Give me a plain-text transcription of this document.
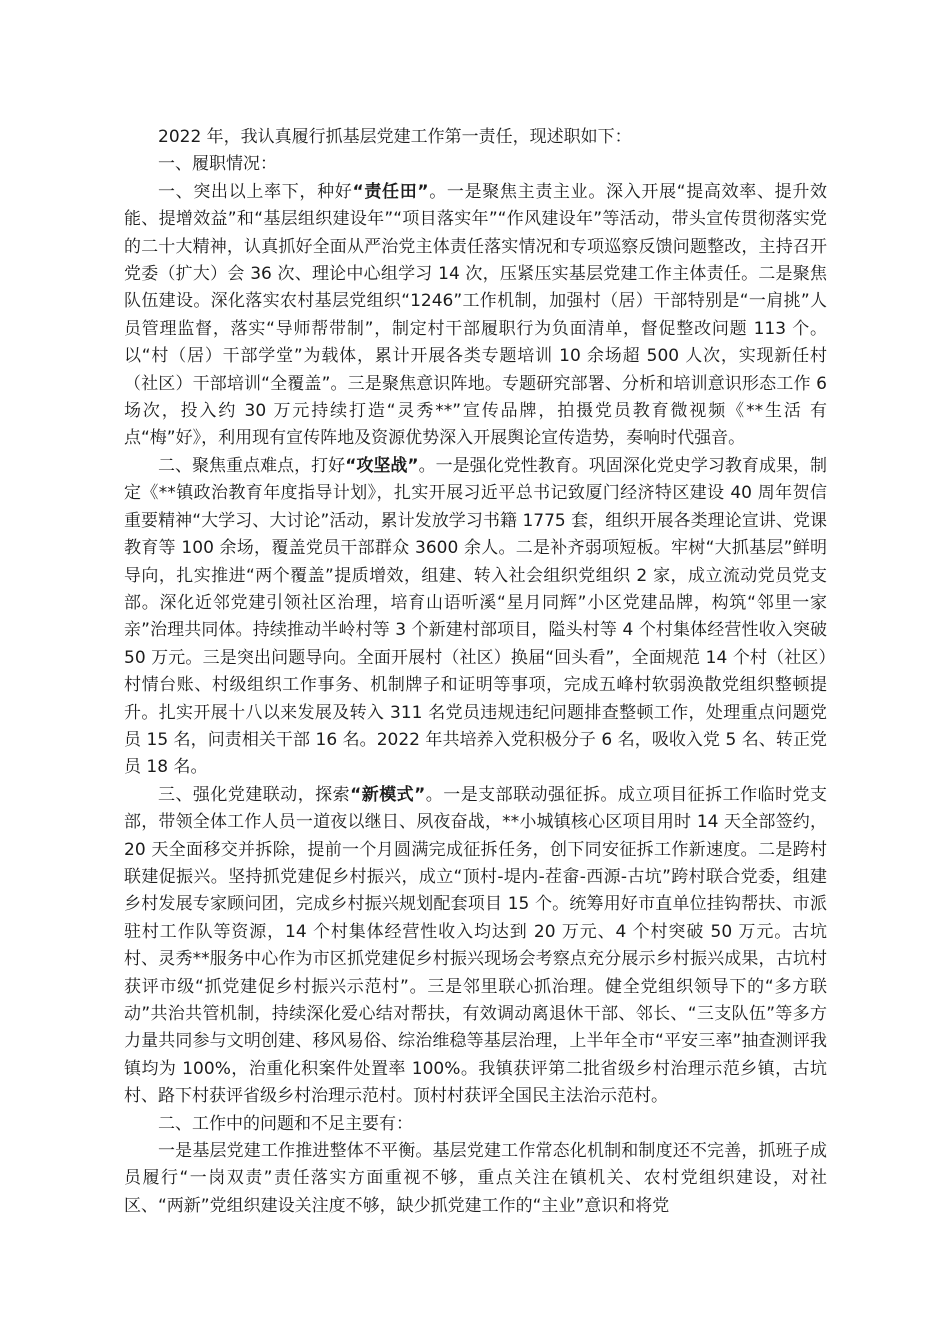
2022 年，我认真履行抓基层党建工作第一责任，现述职如下：

一、履职情况：

一、突出以上率下，种好“责任田”。一是聚焦主责主业。深入开展“提高效率、提升效能、提增效益”和“基层组织建设年”“项目落实年”“作风建设年”等活动，带头宣传贯彻落实党的二十大精神，认真抓好全面从严治党主体责任落实情况和专项巡察反馈问题整改，主持召开党委（扩大）会 36 次、理论中心组学习 14 次，压紧压实基层党建工作主体责任。二是聚焦队伍建设。深化落实农村基层党组织“1246”工作机制，加强村（居）干部特别是“一肩挑”人员管理监督，落实“导师帮带制”，制定村干部履职行为负面清单，督促整改问题 113 个。以“村（居）干部学堂”为载体，累计开展各类专题培训 10 余场超 500 人次，实现新任村（社区）干部培训“全覆盖”。三是聚焦意识阵地。专题研究部署、分析和培训意识形态工作 6 场次，投入约 30 万元持续打造“灵秀**”宣传品牌，拍摄党员教育微视频《**生活 有点“梅”好》，利用现有宣传阵地及资源优势深入开展舆论宣传造势，奏响时代强音。

二、聚焦重点难点，打好“攻坚战”。一是强化党性教育。巩固深化党史学习教育成果，制定《**镇政治教育年度指导计划》，扎实开展习近平总书记致厦门经济特区建设 40 周年贺信重要精神“大学习、大讨论”活动，累计发放学习书籍 1775 套，组织开展各类理论宣讲、党课教育等 100 余场，覆盖党员干部群众 3600 余人。二是补齐弱项短板。牢树“大抓基层”鲜明导向，扎实推进“两个覆盖”提质增效，组建、转入社会组织党组织 2 家，成立流动党员党支部。深化近邻党建引领社区治理，培育山语听溪“星月同辉”小区党建品牌，构筑“邻里一家亲”治理共同体。持续推动半岭村等 3 个新建村部项目，隘头村等 4 个村集体经营性收入突破 50 万元。三是突出问题导向。全面开展村（社区）换届“回头看”，全面规范 14 个村（社区）村情台账、村级组织工作事务、机制牌子和证明等事项，完成五峰村软弱涣散党组织整顿提升。扎实开展十八以来发展及转入 311 名党员违规违纪问题排查整顿工作，处理重点问题党员 15 名，问责相关干部 16 名。2022 年共培养入党积极分子 6 名，吸收入党 5 名、转正党员 18 名。

三、强化党建联动，探索“新模式”。一是支部联动强征拆。成立项目征拆工作临时党支部，带领全体工作人员一道夜以继日、夙夜奋战，**小城镇核心区项目用时 14 天全部签约，20 天全面移交并拆除，提前一个月圆满完成征拆任务，创下同安征拆工作新速度。二是跨村联建促振兴。坚持抓党建促乡村振兴，成立“顶村-堤内-茬畲-西源-古坑”跨村联合党委，组建乡村发展专家顾问团，完成乡村振兴规划配套项目 15 个。统筹用好市直单位挂钩帮扶、市派驻村工作队等资源，14 个村集体经营性收入均达到 20 万元、4 个村突破 50 万元。古坑村、灵秀**服务中心作为市区抓党建促乡村振兴现场会考察点充分展示乡村振兴成果，古坑村获评市级“抓党建促乡村振兴示范村”。三是邻里联心抓治理。健全党组织领导下的“多方联动”共治共管机制，持续深化爱心结对帮扶，有效调动离退休干部、邻长、“三支队伍”等多方力量共同参与文明创建、移风易俗、综治维稳等基层治理，上半年全市“平安三率”抽查测评我镇均为 100%，治重化积案件处置率 100%。我镇获评第二批省级乡村治理示范乡镇，古坑村、路下村获评省级乡村治理示范村。顶村村获评全国民主法治示范村。

二、工作中的问题和不足主要有：

一是基层党建工作推进整体不平衡。基层党建工作常态化机制和制度还不完善，抓班子成员履行“一岗双责”责任落实方面重视不够，重点关注在镇机关、农村党组织建设，对社区、“两新”党组织建设关注度不够，缺少抓党建工作的“主业”意识和将党
